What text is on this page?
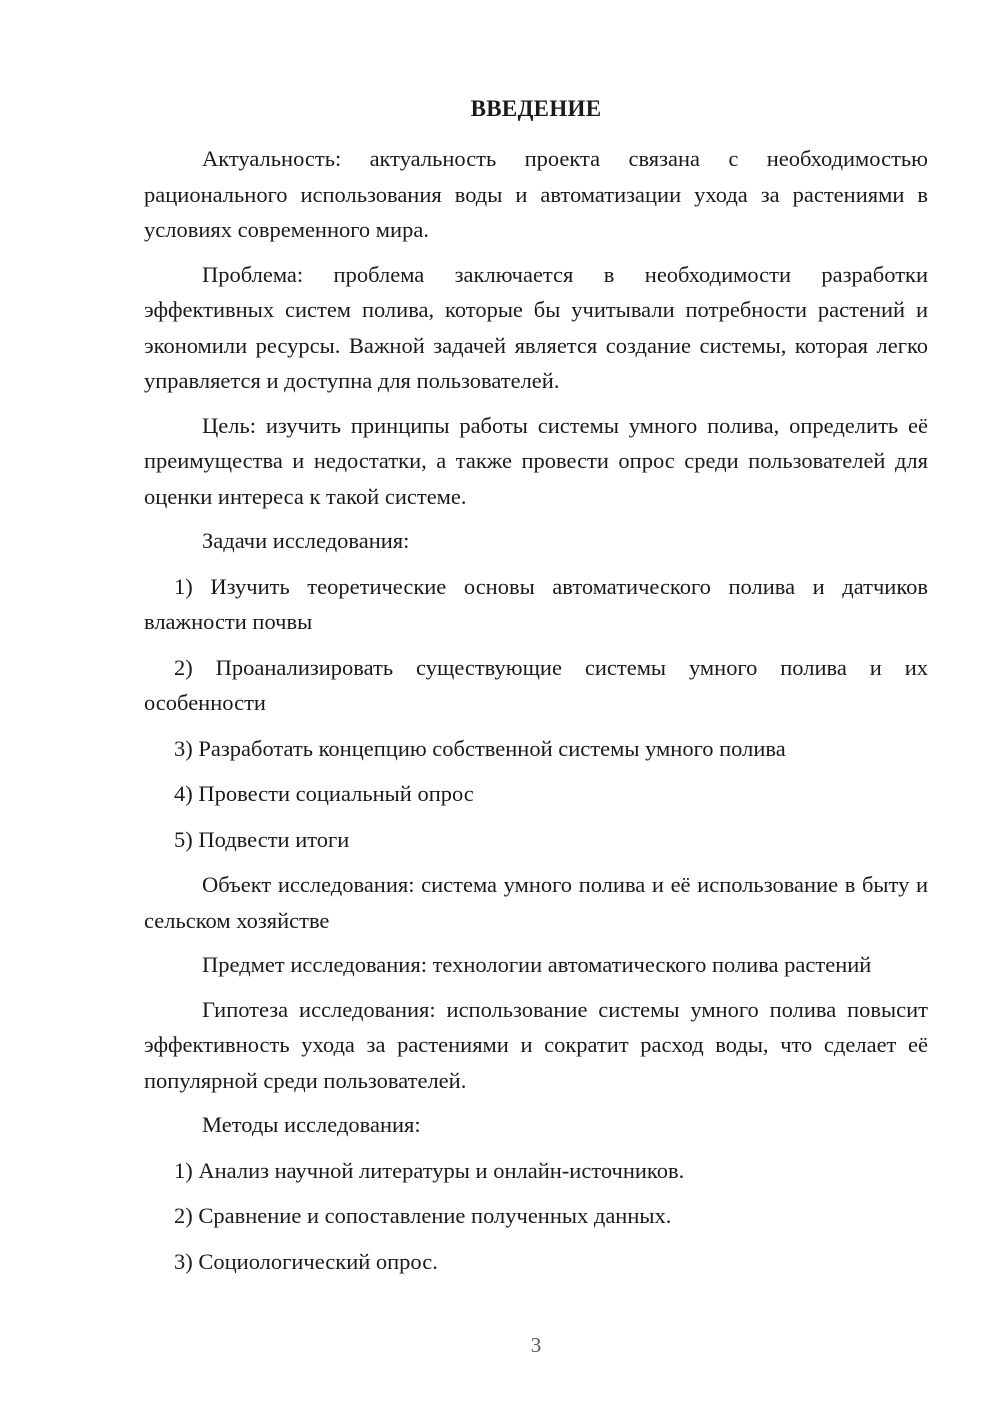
ВВЕДЕНИЕ

Актуальность: актуальность проекта связана с необходимостью рационального использования воды и автоматизации ухода за растениями в условиях современного мира.

Проблема: проблема заключается в необходимости разработки эффективных систем полива, которые бы учитывали потребности растений и экономили ресурсы. Важной задачей является создание системы, которая легко управляется и доступна для пользователей.

Цель: изучить принципы работы системы умного полива, определить её преимущества и недостатки, а также провести опрос среди пользователей для оценки интереса к такой системе.

Задачи исследования:

1) Изучить теоретические основы автоматического полива и датчиков влажности почвы

2) Проанализировать существующие системы умного полива и их особенности

3) Разработать концепцию собственной системы умного полива

4) Провести социальный опрос

5) Подвести итоги

Объект исследования: система умного полива и её использование в быту и сельском хозяйстве

Предмет исследования: технологии автоматического полива растений

Гипотеза исследования: использование системы умного полива повысит эффективность ухода за растениями и сократит расход воды, что сделает её популярной среди пользователей.

Методы исследования:

1) Анализ научной литературы и онлайн-источников.

2) Сравнение и сопоставление полученных данных.

3) Социологический опрос.

3
